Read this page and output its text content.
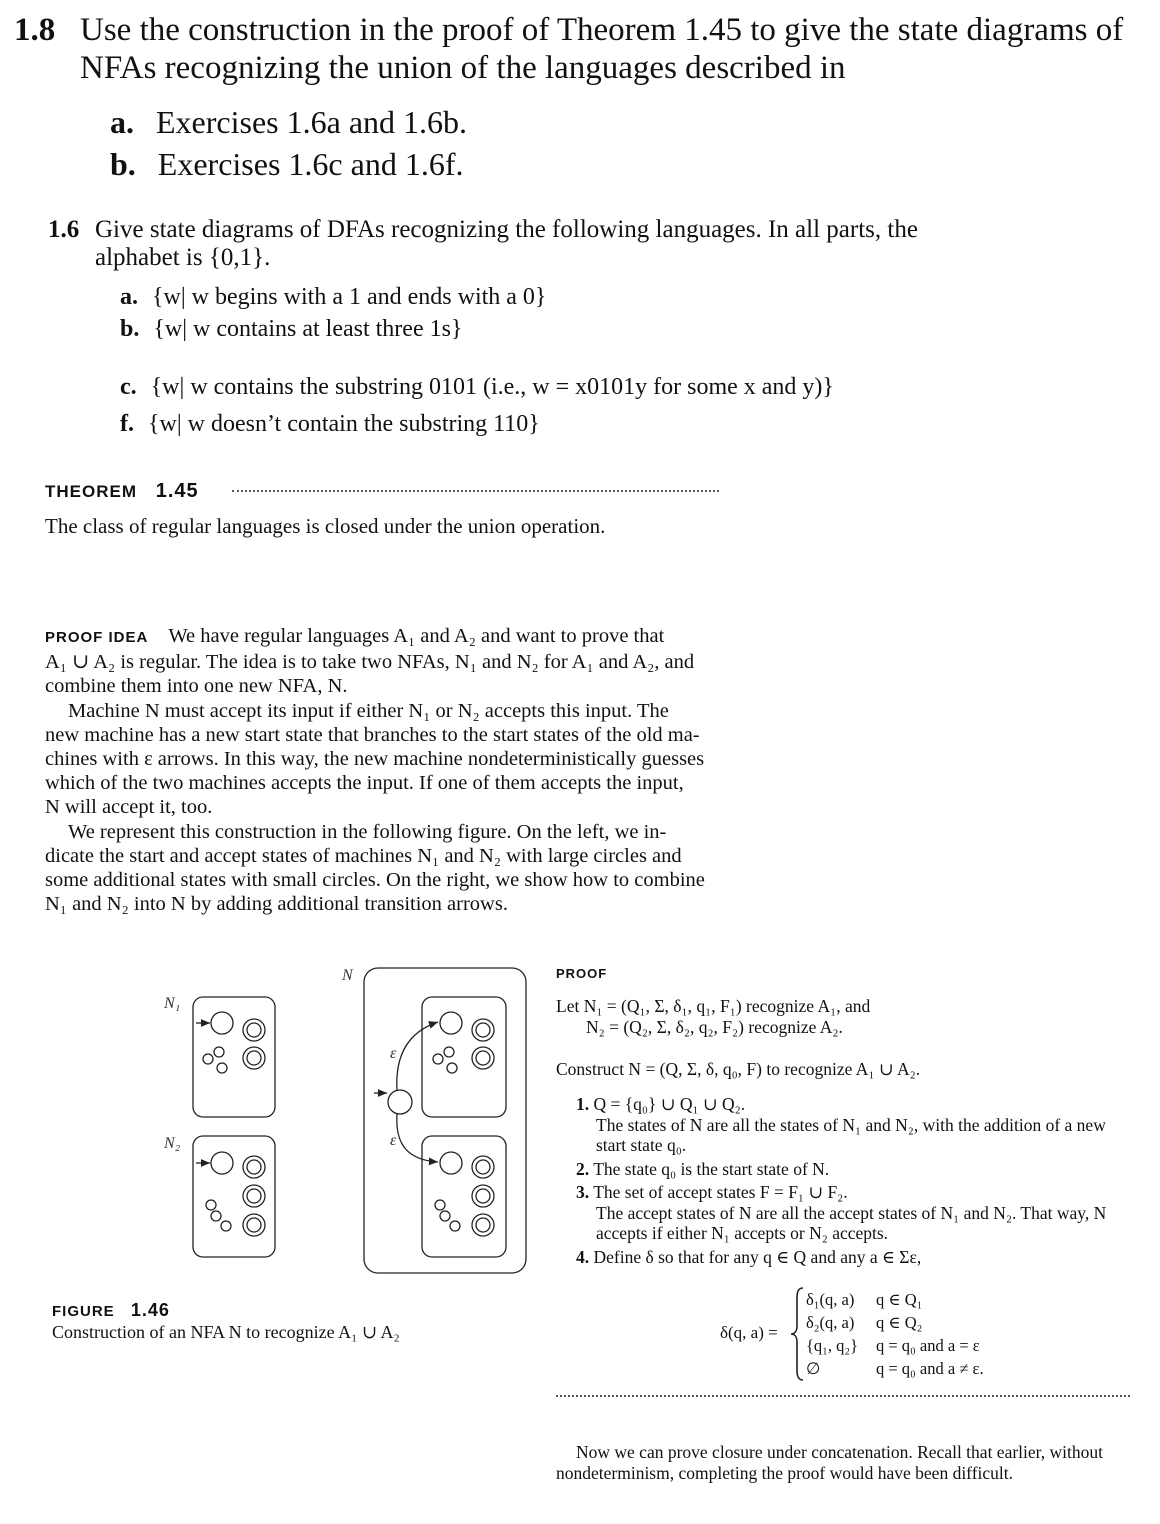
1.8 Use the construction in the proof of Theorem 1.45 to give the state diagrams of
NFAs recognizing the union of the languages described in
a. Exercises 1.6a and 1.6b.
b. Exercises 1.6c and 1.6f.
1.6 Give state diagrams of DFAs recognizing the following languages. In all parts, the
alphabet is {0,1}.
a. {w| w begins with a 1 and ends with a 0}
b. {w| w contains at least three 1s}
c. {w| w contains the substring 0101 (i.e., w = x0101y for some x and y)}
f. {w| w doesn’t contain the substring 110}
THEOREM 1.45
The class of regular languages is closed under the union operation.
PROOF IDEA We have regular languages A₁ and A₂ and want to prove that
A₁ ∪ A₂ is regular. The idea is to take two NFAs, N₁ and N₂ for A₁ and A₂, and
combine them into one new NFA, N.
Machine N must accept its input if either N₁ or N₂ accepts this input. The
new machine has a new start state that branches to the start states of the old ma-
chines with ε arrows. In this way, the new machine nondeterministically guesses
which of the two machines accepts the input. If one of them accepts the input,
N will accept it, too.
We represent this construction in the following figure. On the left, we in-
dicate the start and accept states of machines N₁ and N₂ with large circles and
some additional states with small circles. On the right, we show how to combine
N₁ and N₂ into N by adding additional transition arrows.
N₁
N₂
N
ε
ε
FIGURE 1.46
Construction of an NFA N to recognize A₁ ∪ A₂
PROOF
Let N₁ = (Q₁, Σ, δ₁, q₁, F₁) recognize A₁, and
N₂ = (Q₂, Σ, δ₂, q₂, F₂) recognize A₂.
Construct N = (Q, Σ, δ, q₀, F) to recognize A₁ ∪ A₂.
1. Q = {q₀} ∪ Q₁ ∪ Q₂.
The states of N are all the states of N₁ and N₂, with the addition of a new
start state q₀.
2. The state q₀ is the start state of N.
3. The set of accept states F = F₁ ∪ F₂.
The accept states of N are all the accept states of N₁ and N₂. That way, N
accepts if either N₁ accepts or N₂ accepts.
4. Define δ so that for any q ∈ Q and any a ∈ Σε,
δ(q, a) =
δ₁(q, a) q ∈ Q₁
δ₂(q, a) q ∈ Q₂
{q₁, q₂} q = q₀ and a = ε
∅	q = q₀ and a ≠ ε.
Now we can prove closure under concatenation. Recall that earlier, without
nondeterminism, completing the proof would have been difficult.
